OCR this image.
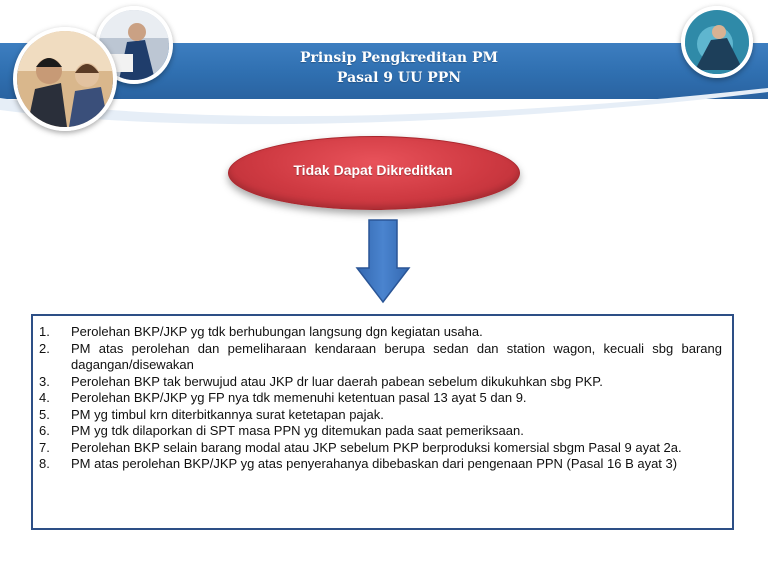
Prinsip Pengkreditan PM
Pasal 9 UU PPN
Tidak Dapat Dikreditkan
1.	Perolehan BKP/JKP yg tdk berhubungan langsung dgn kegiatan usaha.
2.	PM atas perolehan dan pemeliharaan kendaraan berupa sedan dan station wagon, kecuali sbg barang dagangan/disewakan
3.	Perolehan BKP tak berwujud atau JKP dr luar daerah pabean sebelum dikukuhkan sbg PKP.
4.	Perolehan BKP/JKP yg FP nya tdk memenuhi ketentuan pasal 13 ayat 5 dan 9.
5.	PM yg timbul krn diterbitkannya surat ketetapan pajak.
6.	PM yg tdk dilaporkan di SPT masa PPN yg ditemukan pada saat pemeriksaan.
7.	Perolehan BKP selain barang modal atau JKP sebelum PKP berproduksi komersial sbgm Pasal 9 ayat 2a.
8.	PM atas perolehan BKP/JKP yg atas penyerahanya dibebaskan dari pengenaan PPN (Pasal 16 B ayat 3)
